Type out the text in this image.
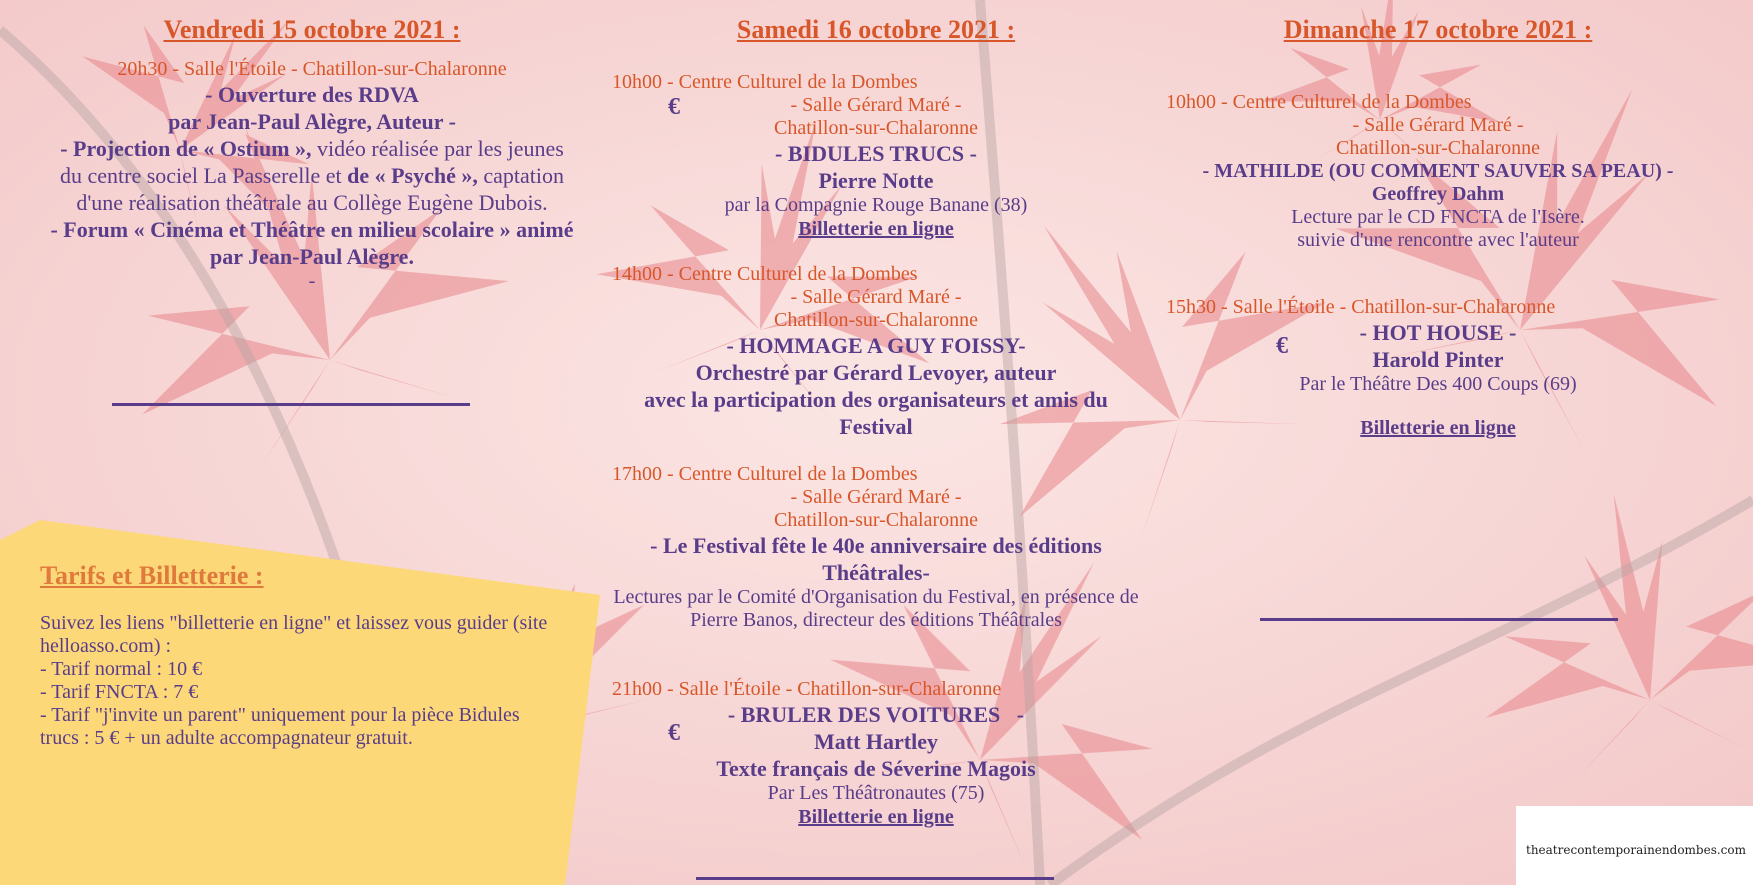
Vendredi 15 octobre 2021 :
20h30 - Salle l'Étoile - Chatillon-sur-Chalaronne
- Ouverture des RDVA
par Jean-Paul Alègre, Auteur -
- Projection de « Ostium », vidéo réalisée par les jeunes du centre sociel La Passerelle et de « Psyché », captation d'une réalisation théâtrale au Collège Eugène Dubois.
- Forum « Cinéma et Théâtre en milieu scolaire » animé par Jean-Paul Alègre.
-
Samedi 16 octobre 2021 :
10h00 - Centre Culturel de la Dombes
- Salle Gérard Maré -
Chatillon-sur-Chalaronne
- BIDULES TRUCS -
Pierre Notte
par la Compagnie Rouge Banane (38)
Billetterie en ligne
€
14h00 - Centre Culturel de la Dombes
- Salle Gérard Maré -
Chatillon-sur-Chalaronne
- HOMMAGE A GUY FOISSY-
Orchestré par Gérard Levoyer, auteur
avec la participation des organisateurs et amis du Festival
17h00 - Centre Culturel de la Dombes
- Salle Gérard Maré -
Chatillon-sur-Chalaronne
- Le Festival fête le 40e anniversaire des éditions Théâtrales-
Lectures par le Comité d'Organisation du Festival, en présence de Pierre Banos, directeur des éditions Théâtrales
21h00 - Salle l'Étoile - Chatillon-sur-Chalaronne
- BRULER DES VOITURES   -
Matt Hartley
Texte français de Séverine Magois
Par Les Théâtronautes (75)
Billetterie en ligne
€
Dimanche 17 octobre 2021 :
10h00 - Centre Culturel de la Dombes
- Salle Gérard Maré -
Chatillon-sur-Chalaronne
- MATHILDE (OU COMMENT SAUVER SA PEAU) -
Geoffrey Dahm
Lecture par le CD FNCTA de l'Isère.
suivie d'une rencontre avec l'auteur
15h30 - Salle l'Étoile - Chatillon-sur-Chalaronne
- HOT HOUSE -
Harold Pinter
Par le Théâtre Des 400 Coups (69)
Billetterie en ligne
€
Tarifs et Billetterie :
Suivez les liens "billetterie en ligne" et laissez vous guider (site helloasso.com) :
- Tarif normal : 10 €
- Tarif FNCTA : 7 €
- Tarif "j'invite un parent" uniquement pour la pièce Bidules trucs : 5 € + un adulte accompagnateur gratuit.
theatrecontemporainendombes.com
